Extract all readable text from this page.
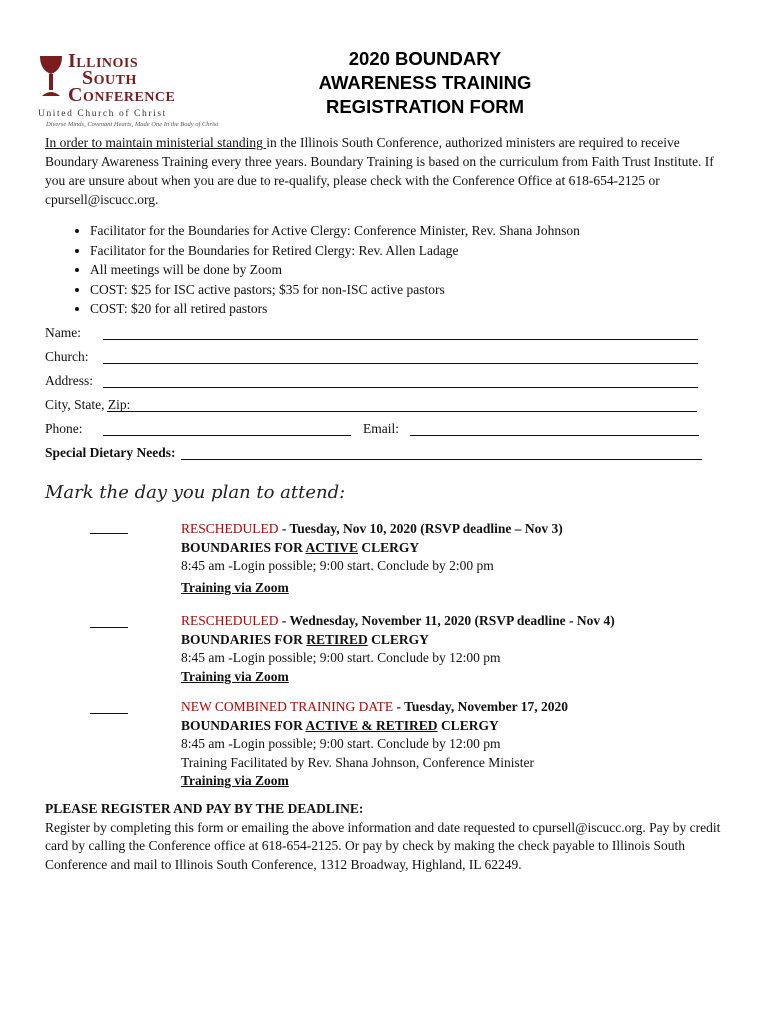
Illinois
South
Conference
United Church of Christ
Diverse Minds, Covenant Hearts, Made One In the Body of Christ
2020 BOUNDARY
AWARENESS TRAINING
REGISTRATION FORM
In order to maintain ministerial standing in the Illinois South Conference, authorized ministers are required to receive Boundary Awareness Training every three years. Boundary Training is based on the curriculum from Faith Trust Institute. If you are unsure about when you are due to re-qualify, please check with the Conference Office at 618-654-2125 or cpursell@iscucc.org.
• Facilitator for the Boundaries for Active Clergy: Conference Minister, Rev. Shana Johnson
• Facilitator for the Boundaries for Retired Clergy: Rev. Allen Ladage
• All meetings will be done by Zoom
• COST: $25 for ISC active pastors; $35 for non-ISC active pastors
• COST: $20 for all retired pastors
Name:
Church:
Address:
City, State, Zip:
Phone:	Email:
Special Dietary Needs:
Mark the day you plan to attend:
RESCHEDULED - Tuesday, Nov 10, 2020 (RSVP deadline – Nov 3)
BOUNDARIES FOR ACTIVE CLERGY
8:45 am -Login possible; 9:00 start. Conclude by 2:00 pm
Training via Zoom
RESCHEDULED - Wednesday, November 11, 2020 (RSVP deadline - Nov 4)
BOUNDARIES FOR RETIRED CLERGY
8:45 am -Login possible; 9:00 start. Conclude by 12:00 pm
Training via Zoom
NEW COMBINED TRAINING DATE - Tuesday, November 17, 2020
BOUNDARIES FOR ACTIVE & RETIRED CLERGY
8:45 am -Login possible; 9:00 start. Conclude by 12:00 pm
Training Facilitated by Rev. Shana Johnson, Conference Minister
Training via Zoom
PLEASE REGISTER AND PAY BY THE DEADLINE:
Register by completing this form or emailing the above information and date requested to cpursell@iscucc.org. Pay by credit card by calling the Conference office at 618-654-2125. Or pay by check by making the check payable to Illinois South Conference and mail to Illinois South Conference, 1312 Broadway, Highland, IL 62249.
